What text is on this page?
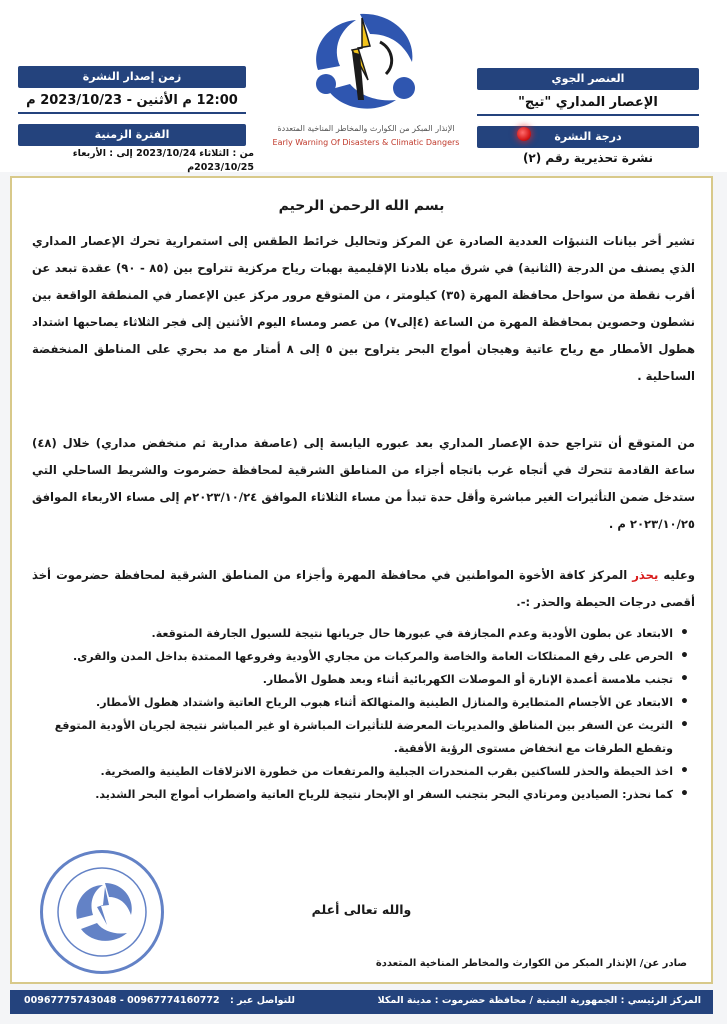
العنصر الجوي
الإعصار المداري "تيج"
درجة النشرة
نشرة تحذيرية رقم (٢)
الإنذار المبكر من الكوارث والمخاطر المناخية المتعددة
Early Warning Of Disasters & Climatic Dangers
زمن إصدار النشرة
12:00 م الأثنين - 2023/10/23 م
الفترة الزمنية
من : الثلاثاء 2023/10/24 إلى : الأربعاء 2023/10/25م
بسم الله الرحمن الرحيم
تشير أخر بيانات التنبؤات العددية الصادرة عن المركز وتحاليل خرائط الطقس إلى استمرارية تحرك الإعصار المداري الذي يصنف من الدرجة (الثانية) في شرق مياه بلادنا الإقليمية بهبات رياح مركزية تتراوح بين (٨٥ - ٩٠) عقدة تبعد عن أقرب نقطة من سواحل محافظة المهرة (٣٥) كيلومتر ، من المتوقع مرور مركز عين الإعصار في المنطقة الواقعة بين نشطون وحصوين بمحافظة المهرة من الساعة (٤إلى٧) من عصر ومساء اليوم الأثنين إلى فجر الثلاثاء يصاحبها اشتداد هطول الأمطار مع رياح عاتية وهيجان أمواج البحر يتراوح بين ٥ إلى ٨ أمتار مع مد بحري على المناطق المنخفضة الساحلية .
من المتوقع أن تتراجع حدة الإعصار المداري بعد عبوره اليابسة إلى (عاصفة مدارية ثم منخفض مداري) خلال (٤٨) ساعة القادمة تتحرك في أتجاه غرب باتجاه أجزاء من المناطق الشرقية لمحافظة حضرموت والشريط الساحلي التي ستدخل ضمن التأثيرات الغير مباشرة وأقل حدة تبدأ من مساء الثلاثاء الموافق ٢٠٢٣/١٠/٢٤م إلى مساء الاربعاء الموافق ٢٠٢٣/١٠/٢٥ م .
وعليه يحذر المركز كافة الأخوة المواطنين في محافظة المهرة وأجزاء من المناطق الشرقية لمحافظة حضرموت أخذ أقصى درجات الحيطة والحذر :-.
• الابتعاد عن بطون الأودية وعدم المجازفة في عبورها حال جريانها نتيجة للسيول الجارفة المتوقعة.
• الحرص على رفع الممتلكات العامة والخاصة والمركبات من مجاري الأودية وفروعها الممتدة بداخل المدن والقرى.
• تجنب ملامسة أعمدة الإنارة أو الموصلات الكهربائية أثناء وبعد هطول الأمطار.
• الابتعاد عن الأجسام المتطايرة والمنازل الطينية والمتهالكة أثناء هبوب الرياح العاتية واشتداد هطول الأمطار.
• التريث عن السفر بين المناطق والمديريات المعرضة للتأثيرات المباشرة او غير المباشر نتيجة لجريان الأودية المتوقع وتقطع الطرقات مع انخفاض مستوى الرؤية الأفقية.
• اخذ الحيطة والحذر للساكنين بقرب المنحدرات الجبلية والمرتفعات من خطورة الانزلاقات الطينية والصخرية.
• كما نحذر: الصيادين ومرتادي البحر بتجنب السفر او الإبحار نتيجة للرياح العاتية واضطراب أمواج البحر الشديد.
والله تعالى أعلم
صادر عن/ الإنذار المبكر من الكوارث والمخاطر المناخية المتعددة
المركز الرئيسي : الجمهورية اليمنية / محافظة حضرموت : مدينة المكلا
للتواصل عبر :
00967775743048 - 00967774160772
